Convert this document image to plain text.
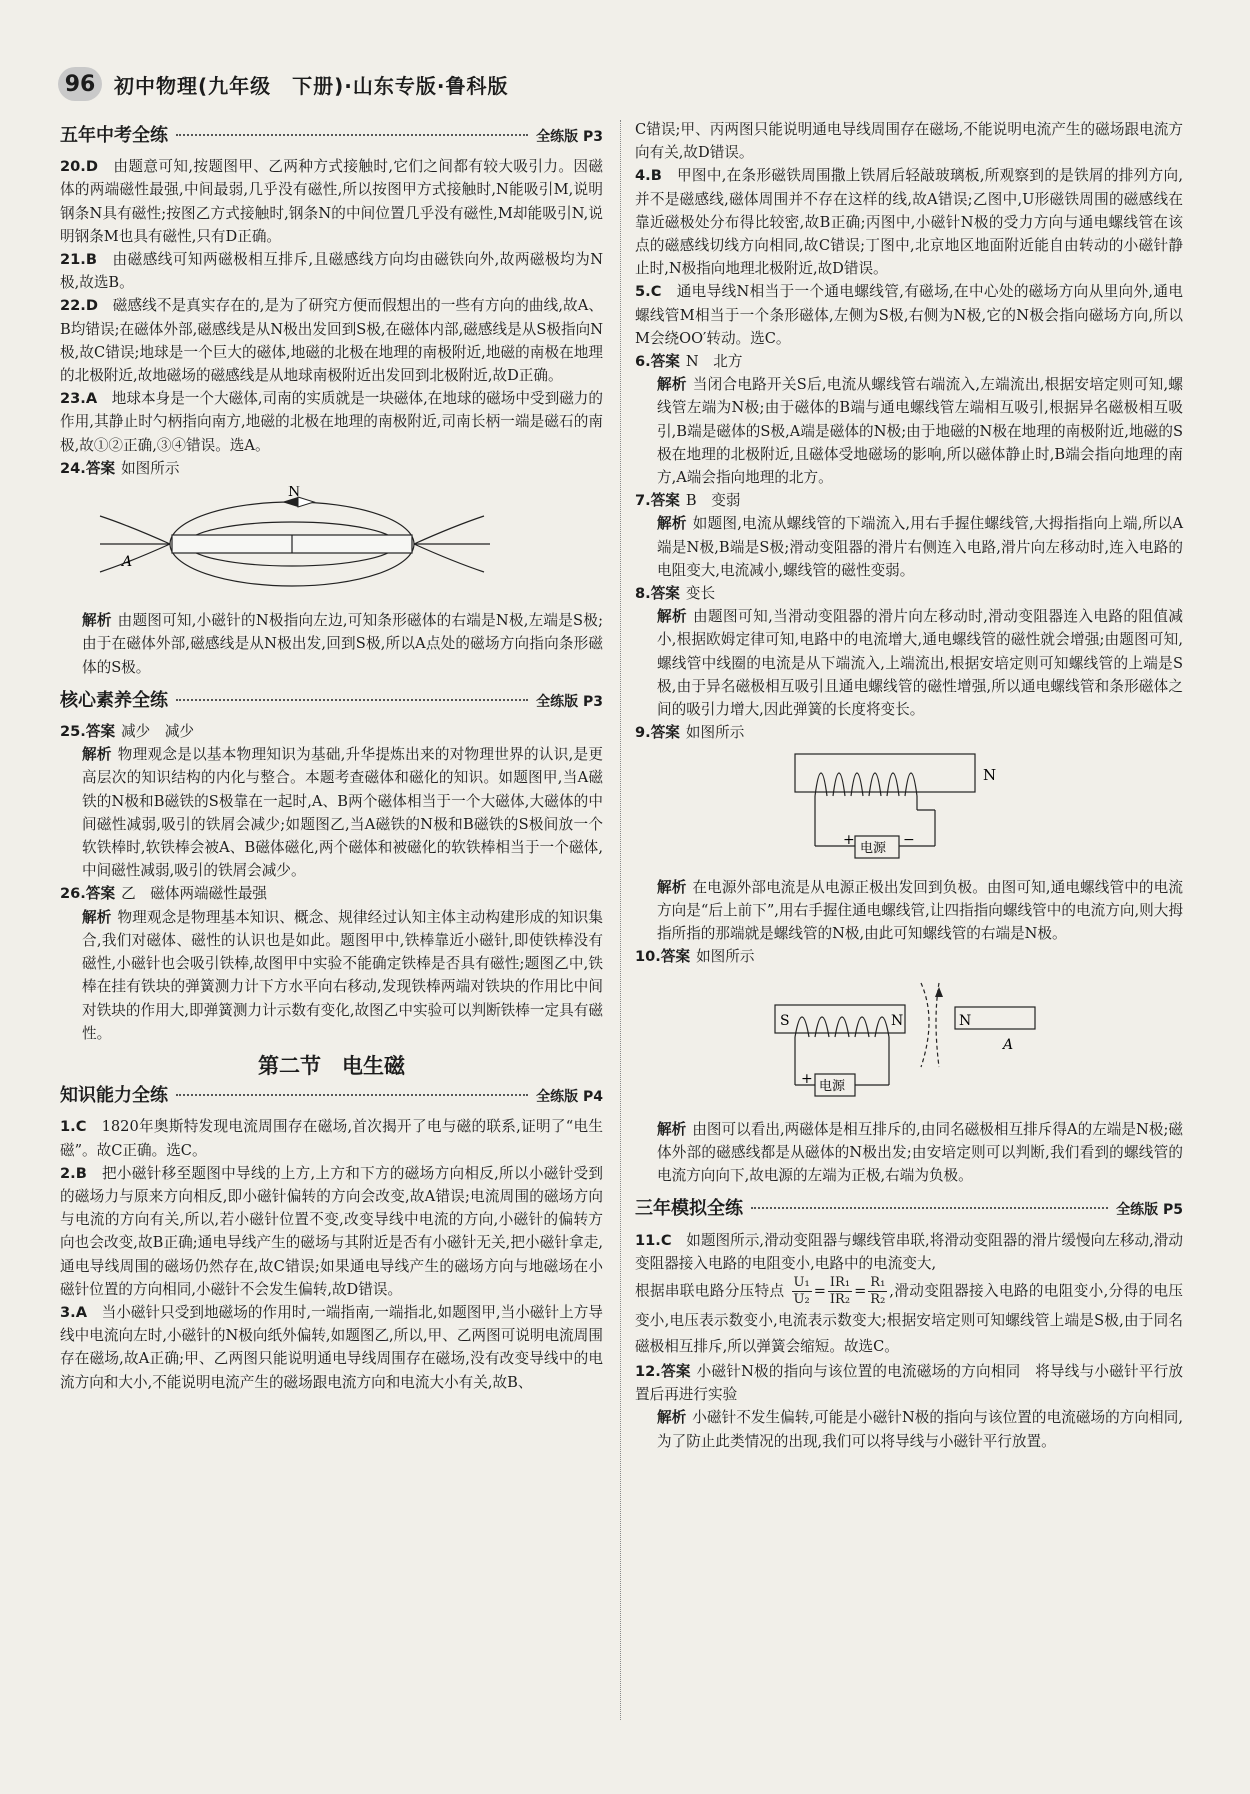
96 初中物理(九年级　下册)·山东专版·鲁科版
五年中考全练	全练版 P3

20.D　 由题意可知,按题图甲、乙两种方式接触时,它们之间都有较大吸引力。因磁体的两端磁性最强,中间最弱,几乎没有磁性,所以按图甲方式接触时,N能吸引M,说明钢条N具有磁性;按图乙方式接触时,钢条N的中间位置几乎没有磁性,M却能吸引N,说明钢条M也具有磁性,只有D正确。

21.B　 由磁感线可知两磁极相互排斥,且磁感线方向均由磁铁向外,故两磁极均为N极,故选B。

22.D　 磁感线不是真实存在的,是为了研究方便而假想出的一些有方向的曲线,故A、B均错误;在磁体外部,磁感线是从N极出发回到S极,在磁体内部,磁感线是从S极指向N极,故C错误;地球是一个巨大的磁体,地磁的北极在地理的南极附近,地磁的南极在地理的北极附近,故地磁场的磁感线是从地球南极附近出发回到北极附近,故D正确。

23.A　 地球本身是一个大磁体,司南的实质就是一块磁体,在地球的磁场中受到磁力的作用,其静止时勺柄指向南方,地磁的北极在地理的南极附近,司南长柄一端是磁石的南极,故①②正确,③④错误。选A。

24.答案 如图所示

N
A

解析 由题图可知,小磁针的N极指向左边,可知条形磁体的右端是N极,左端是S极;由于在磁体外部,磁感线是从N极出发,回到S极,所以A点处的磁场方向指向条形磁体的S极。

核心素养全练	全练版 P3

25.答案 减少　减少

解析 物理观念是以基本物理知识为基础,升华提炼出来的对物理世界的认识,是更高层次的知识结构的内化与整合。本题考查磁体和磁化的知识。如题图甲,当A磁铁的N极和B磁铁的S极靠在一起时,A、B两个磁体相当于一个大磁体,大磁体的中间磁性减弱,吸引的铁屑会减少;如题图乙,当A磁铁的N极和B磁铁的S极间放一个软铁棒时,软铁棒会被A、B磁体磁化,两个磁体和被磁化的软铁棒相当于一个磁体,中间磁性减弱,吸引的铁屑会减少。

26.答案 乙　磁体两端磁性最强

解析 物理观念是物理基本知识、概念、规律经过认知主体主动构建形成的知识集合,我们对磁体、磁性的认识也是如此。题图甲中,铁棒靠近小磁针,即使铁棒没有磁性,小磁针也会吸引铁棒,故图甲中实验不能确定铁棒是否具有磁性;题图乙中,铁棒在挂有铁块的弹簧测力计下方水平向右移动,发现铁棒两端对铁块的作用比中间对铁块的作用大,即弹簧测力计示数有变化,故图乙中实验可以判断铁棒一定具有磁性。

第二节　电生磁
知识能力全练	全练版 P4

1.C　 1820年奥斯特发现电流周围存在磁场,首次揭开了电与磁的联系,证明了“电生磁”。故C正确。选C。

2.B　 把小磁针移至题图中导线的上方,上方和下方的磁场方向相反,所以小磁针受到的磁场力与原来方向相反,即小磁针偏转的方向会改变,故A错误;电流周围的磁场方向与电流的方向有关,所以,若小磁针位置不变,改变导线中电流的方向,小磁针的偏转方向也会改变,故B正确;通电导线产生的磁场与其附近是否有小磁针无关,把小磁针拿走,通电导线周围的磁场仍然存在,故C错误;如果通电导线产生的磁场方向与地磁场在小磁针位置的方向相同,小磁针不会发生偏转,故D错误。

3.A　 当小磁针只受到地磁场的作用时,一端指南,一端指北,如题图甲,当小磁针上方导线中电流向左时,小磁针的N极向纸外偏转,如题图乙,所以,甲、乙两图可说明电流周围存在磁场,故A正确;甲、乙两图只能说明通电导线周围存在磁场,没有改变导线中的电流方向和大小,不能说明电流产生的磁场跟电流方向和电流大小有关,故B、

C错误;甲、丙两图只能说明通电导线周围存在磁场,不能说明电流产生的磁场跟电流方向有关,故D错误。

4.B　 甲图中,在条形磁铁周围撒上铁屑后轻敲玻璃板,所观察到的是铁屑的排列方向,并不是磁感线,磁体周围并不存在这样的线,故A错误;乙图中,U形磁铁周围的磁感线在靠近磁极处分布得比较密,故B正确;丙图中,小磁针N极的受力方向与通电螺线管在该点的磁感线切线方向相同,故C错误;丁图中,北京地区地面附近能自由转动的小磁针静止时,N极指向地理北极附近,故D错误。

5.C　 通电导线N相当于一个通电螺线管,有磁场,在中心处的磁场方向从里向外,通电螺线管M相当于一个条形磁体,左侧为S极,右侧为N极,它的N极会指向磁场方向,所以M会绕OO′转动。选C。

6.答案 N　北方

解析 当闭合电路开关S后,电流从螺线管右端流入,左端流出,根据安培定则可知,螺线管左端为N极;由于磁体的B端与通电螺线管左端相互吸引,根据异名磁极相互吸引,B端是磁体的S极,A端是磁体的N极;由于地磁的N极在地理的南极附近,地磁的S极在地理的北极附近,且磁体受地磁场的影响,所以磁体静止时,B端会指向地理的南方,A端会指向地理的北方。

7.答案 B　变弱

解析 如题图,电流从螺线管的下端流入,用右手握住螺线管,大拇指指向上端,所以A端是N极,B端是S极;滑动变阻器的滑片右侧连入电路,滑片向左移动时,连入电路的电阻变大,电流减小,螺线管的磁性变弱。

8.答案 变长

解析 由题图可知,当滑动变阻器的滑片向左移动时,滑动变阻器连入电路的阻值减小,根据欧姆定律可知,电路中的电流增大,通电螺线管的磁性就会增强;由题图可知,螺线管中线圈的电流是从下端流入,上端流出,根据安培定则可知螺线管的上端是S极,由于异名磁极相互吸引且通电螺线管的磁性增强,所以通电螺线管和条形磁体之间的吸引力增大,因此弹簧的长度将变长。

9.答案 如图所示

N
+
电源
−

解析 在电源外部电流是从电源正极出发回到负极。由图可知,通电螺线管中的电流方向是“后上前下”,用右手握住通电螺线管,让四指指向螺线管中的电流方向,则大拇指所指的那端就是螺线管的N极,由此可知螺线管的右端是N极。

10.答案 如图所示

S	N	N
A
+ 电源

解析 由图可以看出,两磁体是相互排斥的,由同名磁极相互排斥得A的左端是N极;磁体外部的磁感线都是从磁体的N极出发;由安培定则可以判断,我们看到的螺线管的电流方向向下,故电源的左端为正极,右端为负极。

三年模拟全练	全练版 P5

11.C　 如题图所示,滑动变阻器与螺线管串联,将滑动变阻器的滑片缓慢向左移动,滑动变阻器接入电路的电阻变小,电路中的电流变大,

根据串联电路分压特点 $\frac{\text{U₁}}{\text{U₂}} = \frac{\text{IR₁}}{\text{IR₂}} = \frac{\text{R₁}}{\text{R₂}}$ ,滑动变阻器接入电路的电阻变小,分得的电压变小,电压表示数变小,电流表示数变大;根据安培定则可知螺线管上端是S极,由于同名磁极相互排斥,所以弹簧会缩短。故选C。

12.答案 小磁针N极的指向与该位置的电流磁场的方向相同　将导线与小磁针平行放置后再进行实验

解析 小磁针不发生偏转,可能是小磁针N极的指向与该位置的电流磁场的方向相同,为了防止此类情况的出现,我们可以将导线与小磁针平行放置。
